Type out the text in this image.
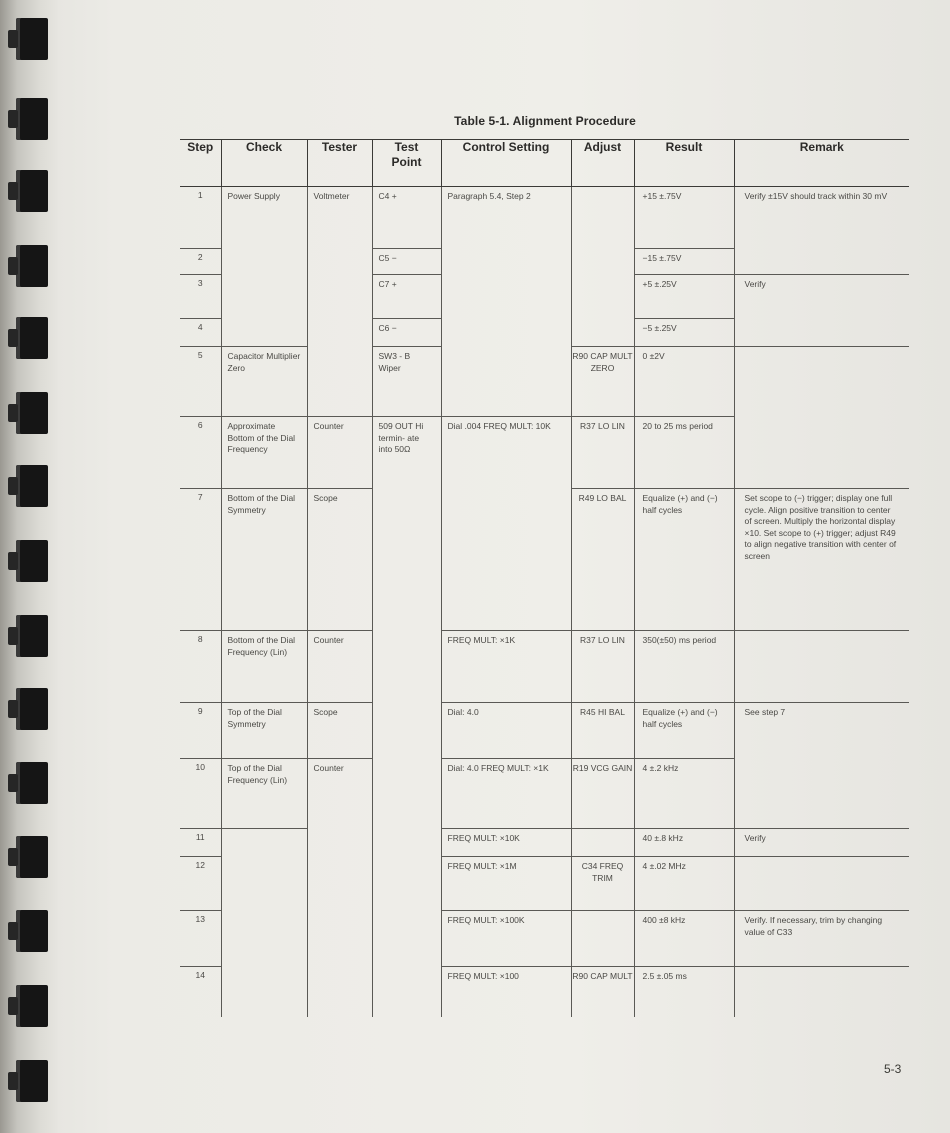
Table 5-1. Alignment Procedure
Step	Check	Tester	Test Point	Control Setting	Adjust	Result	Remark
1	Power Supply	Voltmeter	C4 +	Paragraph 5.4, Step 2		+15 ±.75V	Verify ±15V should track within 30 mV
2			C5 −			−15 ±.75V	
3			C7 +			+5 ±.25V	Verify
4			C6 −			−5 ±.25V	
5	Capacitor Multiplier Zero		SW3 - B Wiper		R90 CAP MULT ZERO	0 ±2V	
6	Approximate Bottom of the Dial Frequency	Counter	509 OUT Hi termin- ate into 50Ω	Dial .004 FREQ MULT: 10K	R37 LO LIN	20 to 25 ms period	
7	Bottom of the Dial Symmetry	Scope			R49 LO BAL	Equalize (+) and (−) half cycles	Set scope to (−) trigger; display one full cycle. Align positive transition to center of screen. Multiply the horizontal display ×10. Set scope to (+) trigger; adjust R49 to align negative transition with center of screen
8	Bottom of the Dial Frequency (Lin)	Counter		FREQ MULT: ×1K	R37 LO LIN	350(±50) ms period	
9	Top of the Dial Symmetry	Scope		Dial: 4.0	R45 HI BAL	Equalize (+) and (−) half cycles	See step 7
10	Top of the Dial Frequency (Lin)	Counter		Dial: 4.0 FREQ MULT: ×1K	R19 VCG GAIN	4 ±.2 kHz	
11				FREQ MULT: ×10K		40 ±.8 kHz	Verify
12				FREQ MULT: ×1M	C34 FREQ TRIM	4 ±.02 MHz	
13				FREQ MULT: ×100K		400 ±8 kHz	Verify. If necessary, trim by changing value of C33
14				FREQ MULT: ×100	R90 CAP MULT	2.5 ±.05 ms	
5-3
